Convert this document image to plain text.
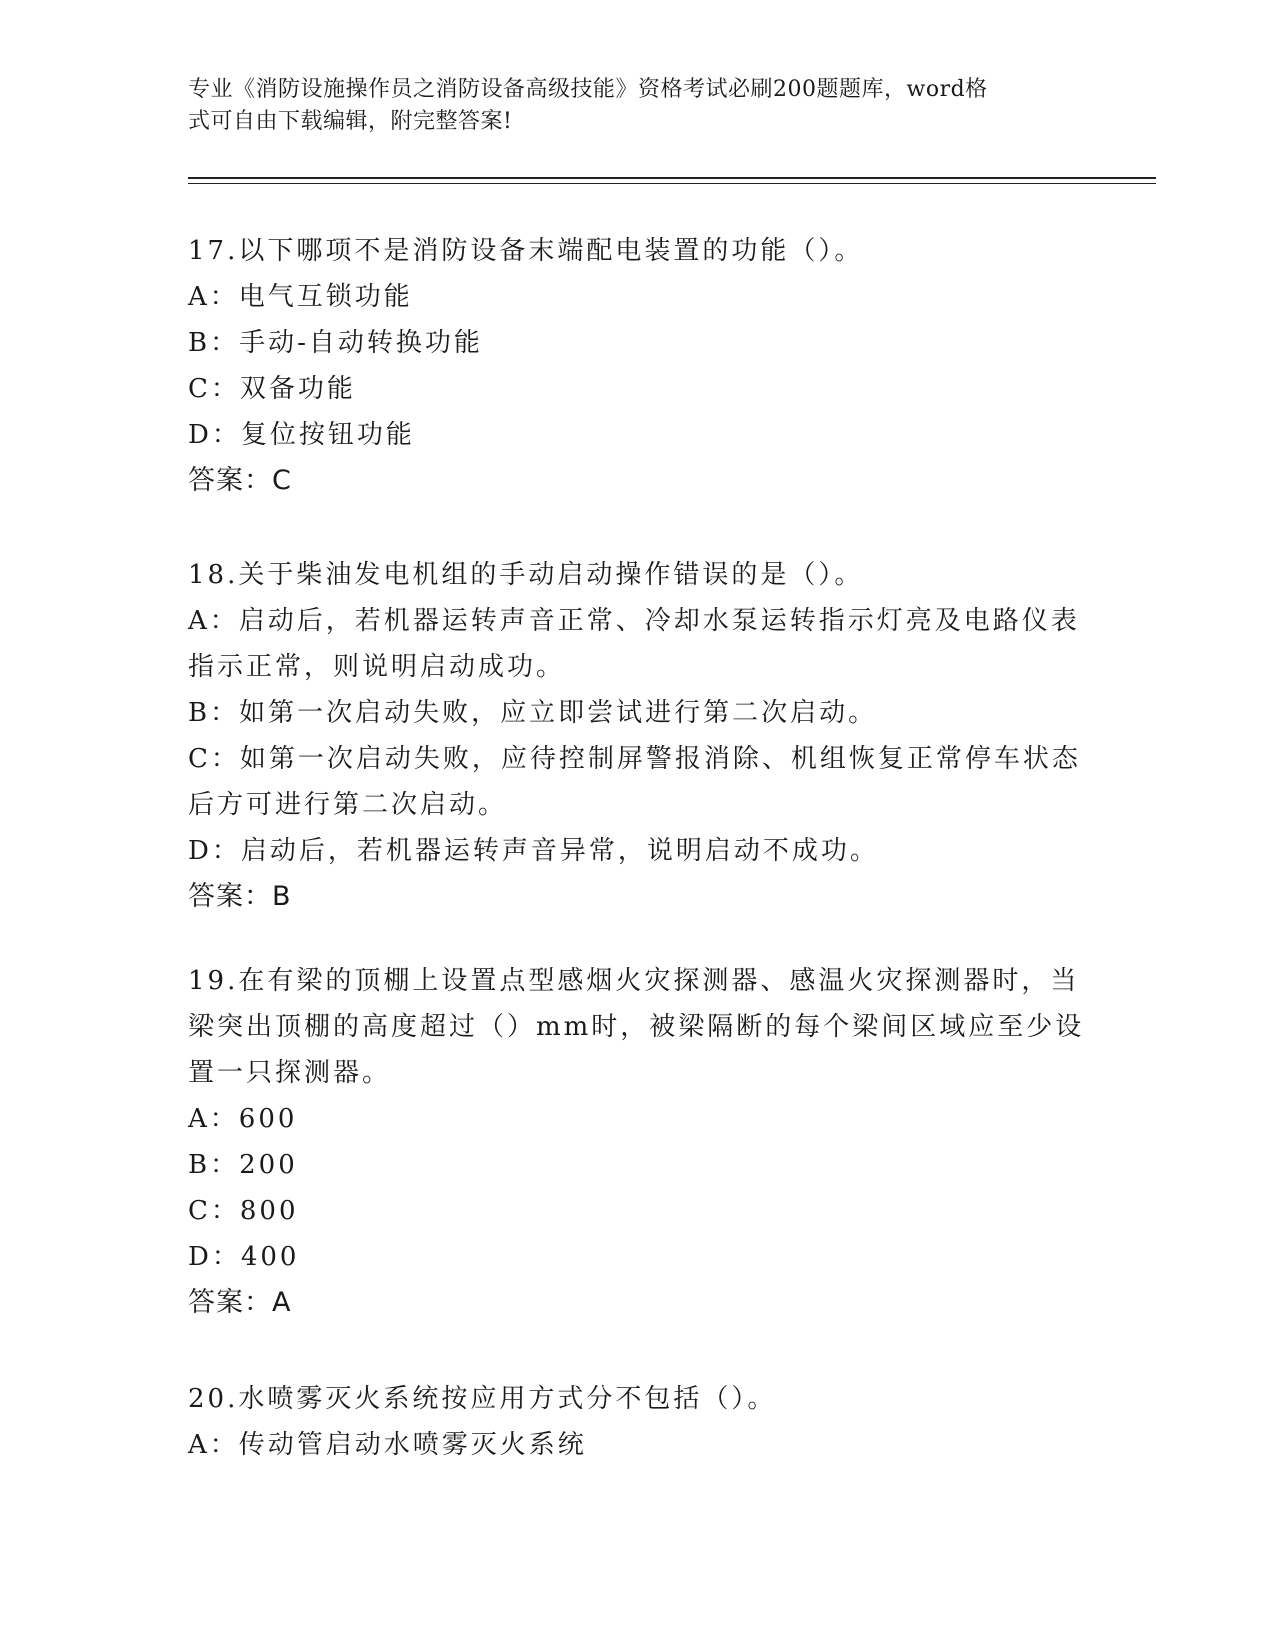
专业《消防设施操作员之消防设备高级技能》资格考试必刷200题题库，word格
式可自由下载编辑，附完整答案!
17.以下哪项不是消防设备末端配电装置的功能（）。
A：电气互锁功能
B：手动-自动转换功能
C：双备功能
D：复位按钮功能
答案：C
18.关于柴油发电机组的手动启动操作错误的是（）。
A：启动后，若机器运转声音正常、冷却水泵运转指示灯亮及电路仪表
指示正常，则说明启动成功。
B：如第一次启动失败，应立即尝试进行第二次启动。
C：如第一次启动失败，应待控制屏警报消除、机组恢复正常停车状态
后方可进行第二次启动。
D：启动后，若机器运转声音异常，说明启动不成功。
答案：B
19.在有梁的顶棚上设置点型感烟火灾探测器、感温火灾探测器时，当
梁突出顶棚的高度超过（）mm时，被梁隔断的每个梁间区域应至少设
置一只探测器。
A：600
B：200
C：800
D：400
答案：A
20.水喷雾灭火系统按应用方式分不包括（）。
A：传动管启动水喷雾灭火系统
